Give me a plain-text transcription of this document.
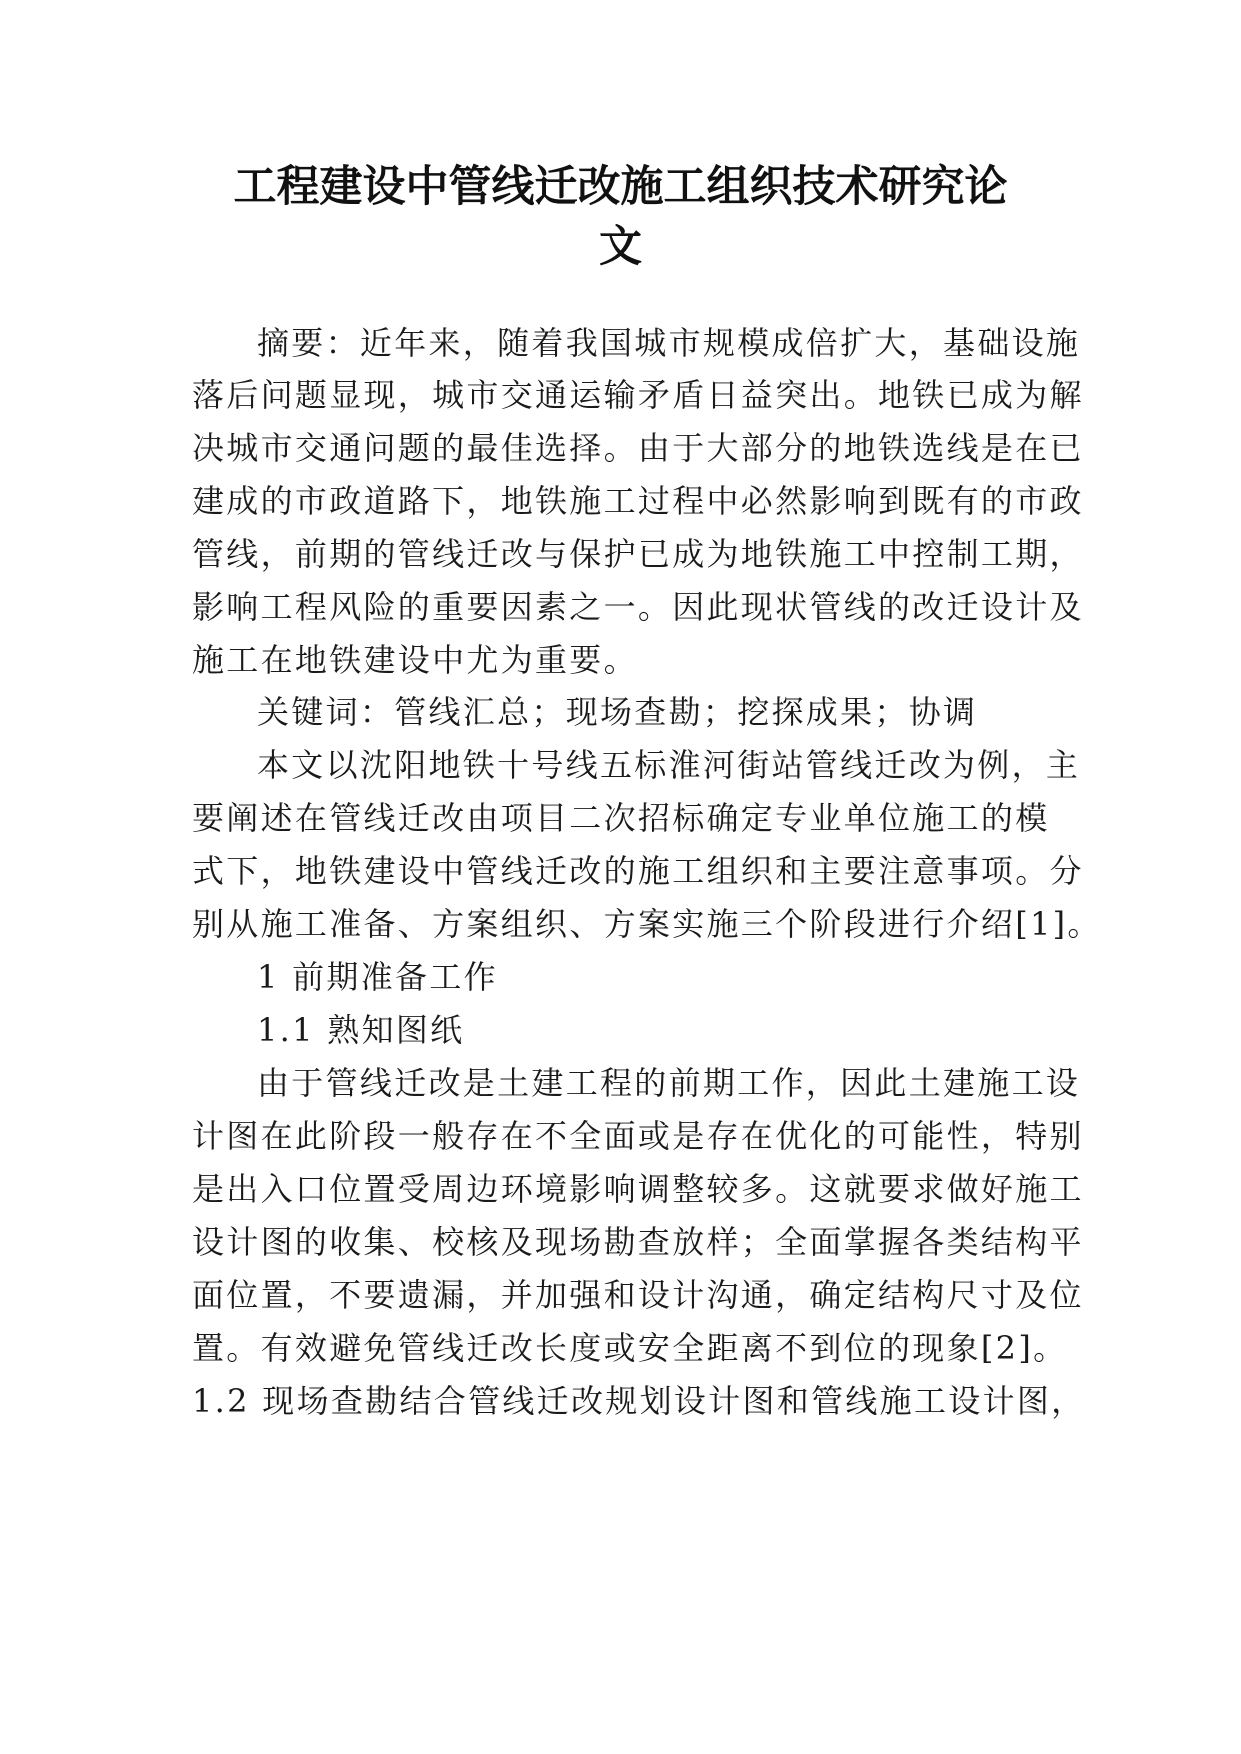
工程建设中管线迁改施工组织技术研究论
文
摘要：近年来，随着我国城市规模成倍扩大，基础设施
落后问题显现，城市交通运输矛盾日益突出。地铁已成为解
决城市交通问题的最佳选择。由于大部分的地铁选线是在已
建成的市政道路下，地铁施工过程中必然影响到既有的市政
管线，前期的管线迁改与保护已成为地铁施工中控制工期，
影响工程风险的重要因素之一。因此现状管线的改迁设计及
施工在地铁建设中尤为重要。
关键词：管线汇总；现场查勘；挖探成果；协调
本文以沈阳地铁十号线五标淮河街站管线迁改为例，主
要阐述在管线迁改由项目二次招标确定专业单位施工的模
式下，地铁建设中管线迁改的施工组织和主要注意事项。分
别从施工准备、方案组织、方案实施三个阶段进行介绍[1]。
1 前期准备工作
1.1 熟知图纸
由于管线迁改是土建工程的前期工作，因此土建施工设
计图在此阶段一般存在不全面或是存在优化的可能性，特别
是出入口位置受周边环境影响调整较多。这就要求做好施工
设计图的收集、校核及现场勘查放样；全面掌握各类结构平
面位置，不要遗漏，并加强和设计沟通，确定结构尺寸及位
置。有效避免管线迁改长度或安全距离不到位的现象[2]。
1.2 现场查勘结合管线迁改规划设计图和管线施工设计图，
